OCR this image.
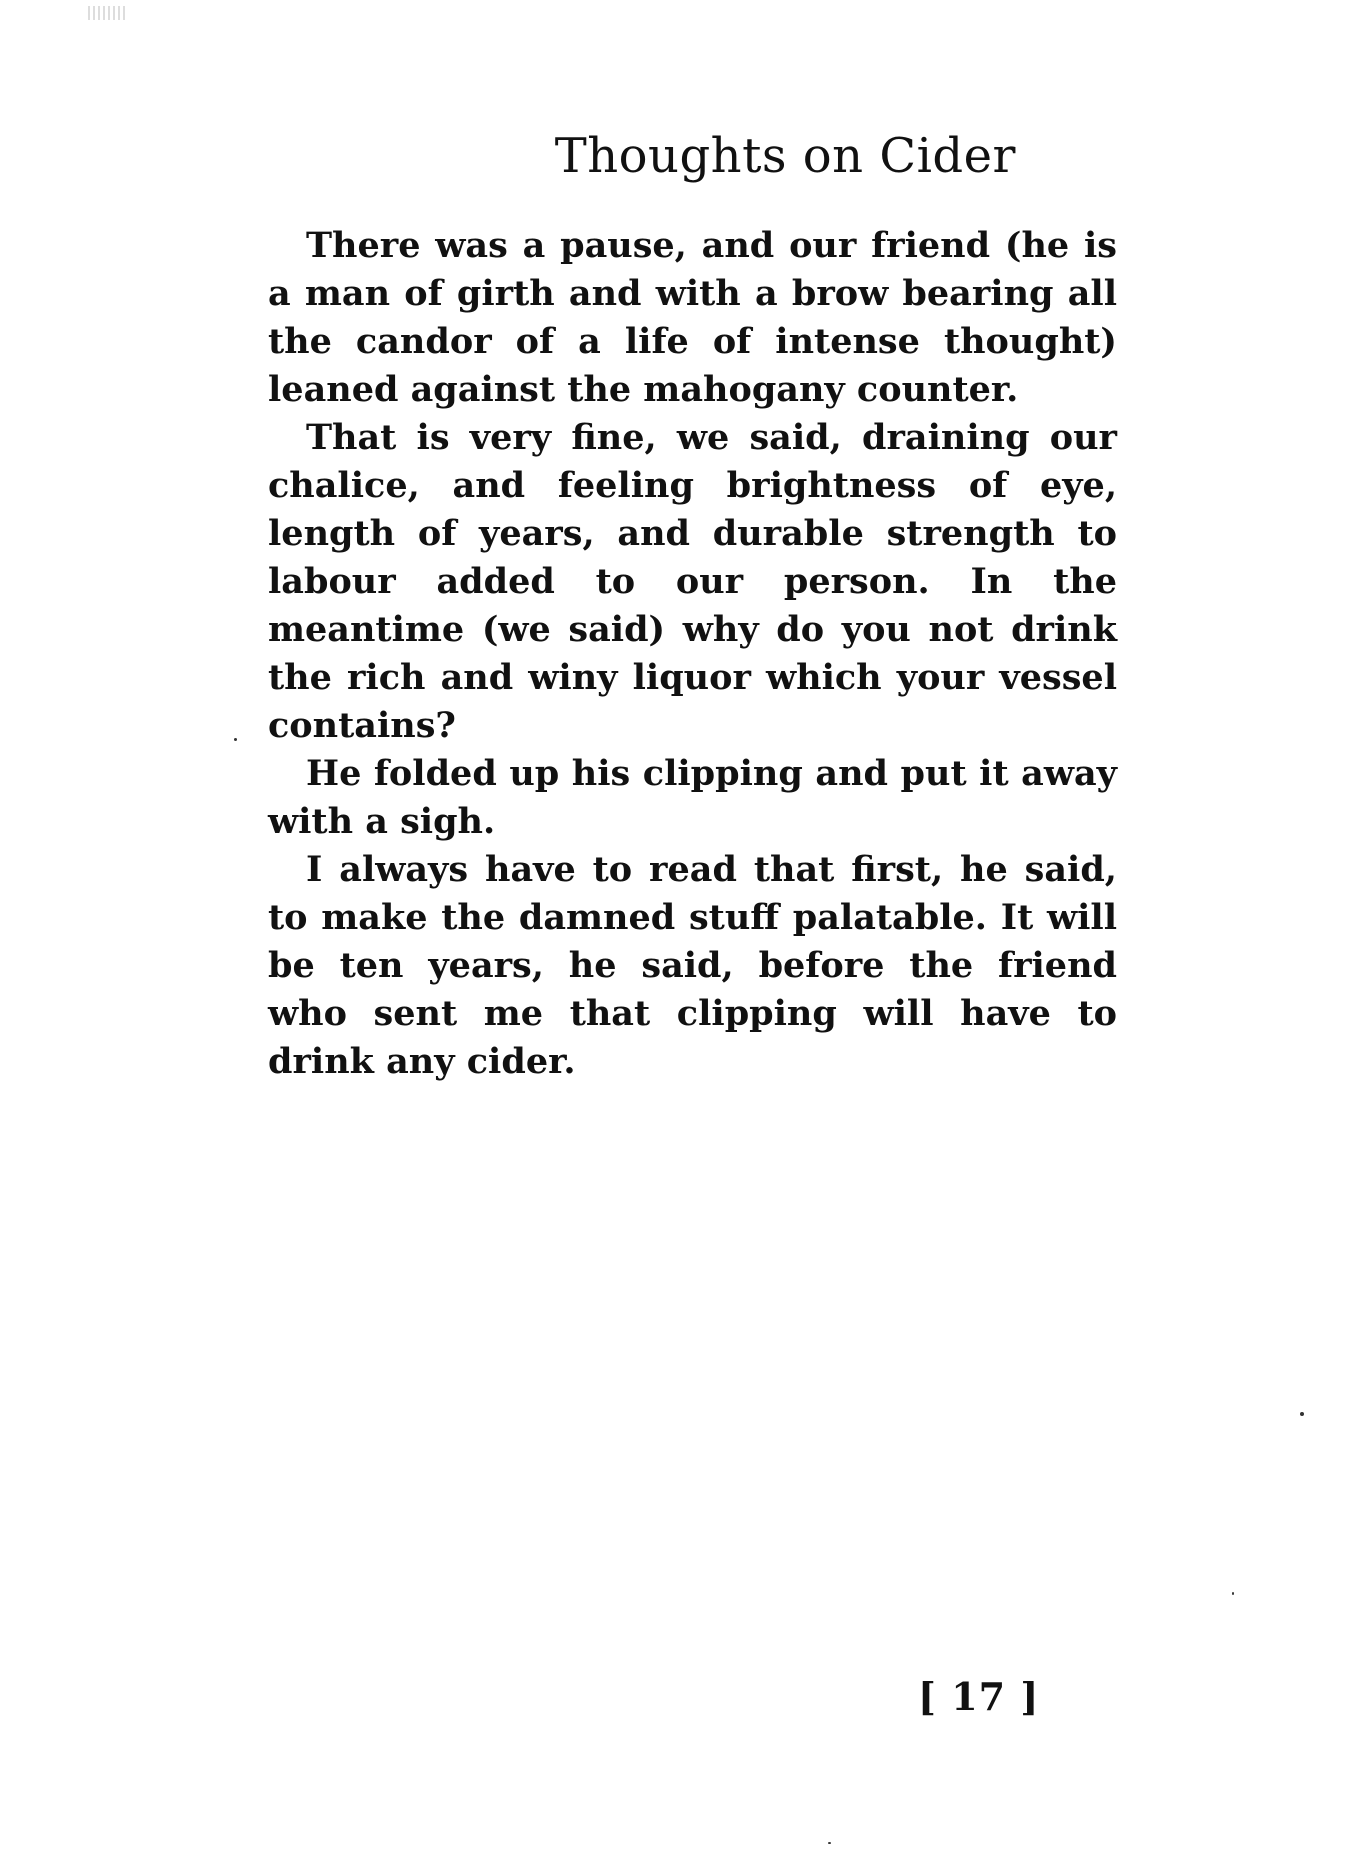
Thoughts on Cider

There was a pause, and our friend (he is a man of girth and with a brow bearing all the candor of a life of intense thought) leaned against the mahogany counter.

That is very fine, we said, draining our chalice, and feeling brightness of eye, length of years, and durable strength to labour added to our person. In the meantime (we said) why do you not drink the rich and winy liquor which your vessel contains?

He folded up his clipping and put it away with a sigh.

I always have to read that first, he said, to make the damned stuff palatable. It will be ten years, he said, before the friend who sent me that clipping will have to drink any cider.

[ 17 ]
